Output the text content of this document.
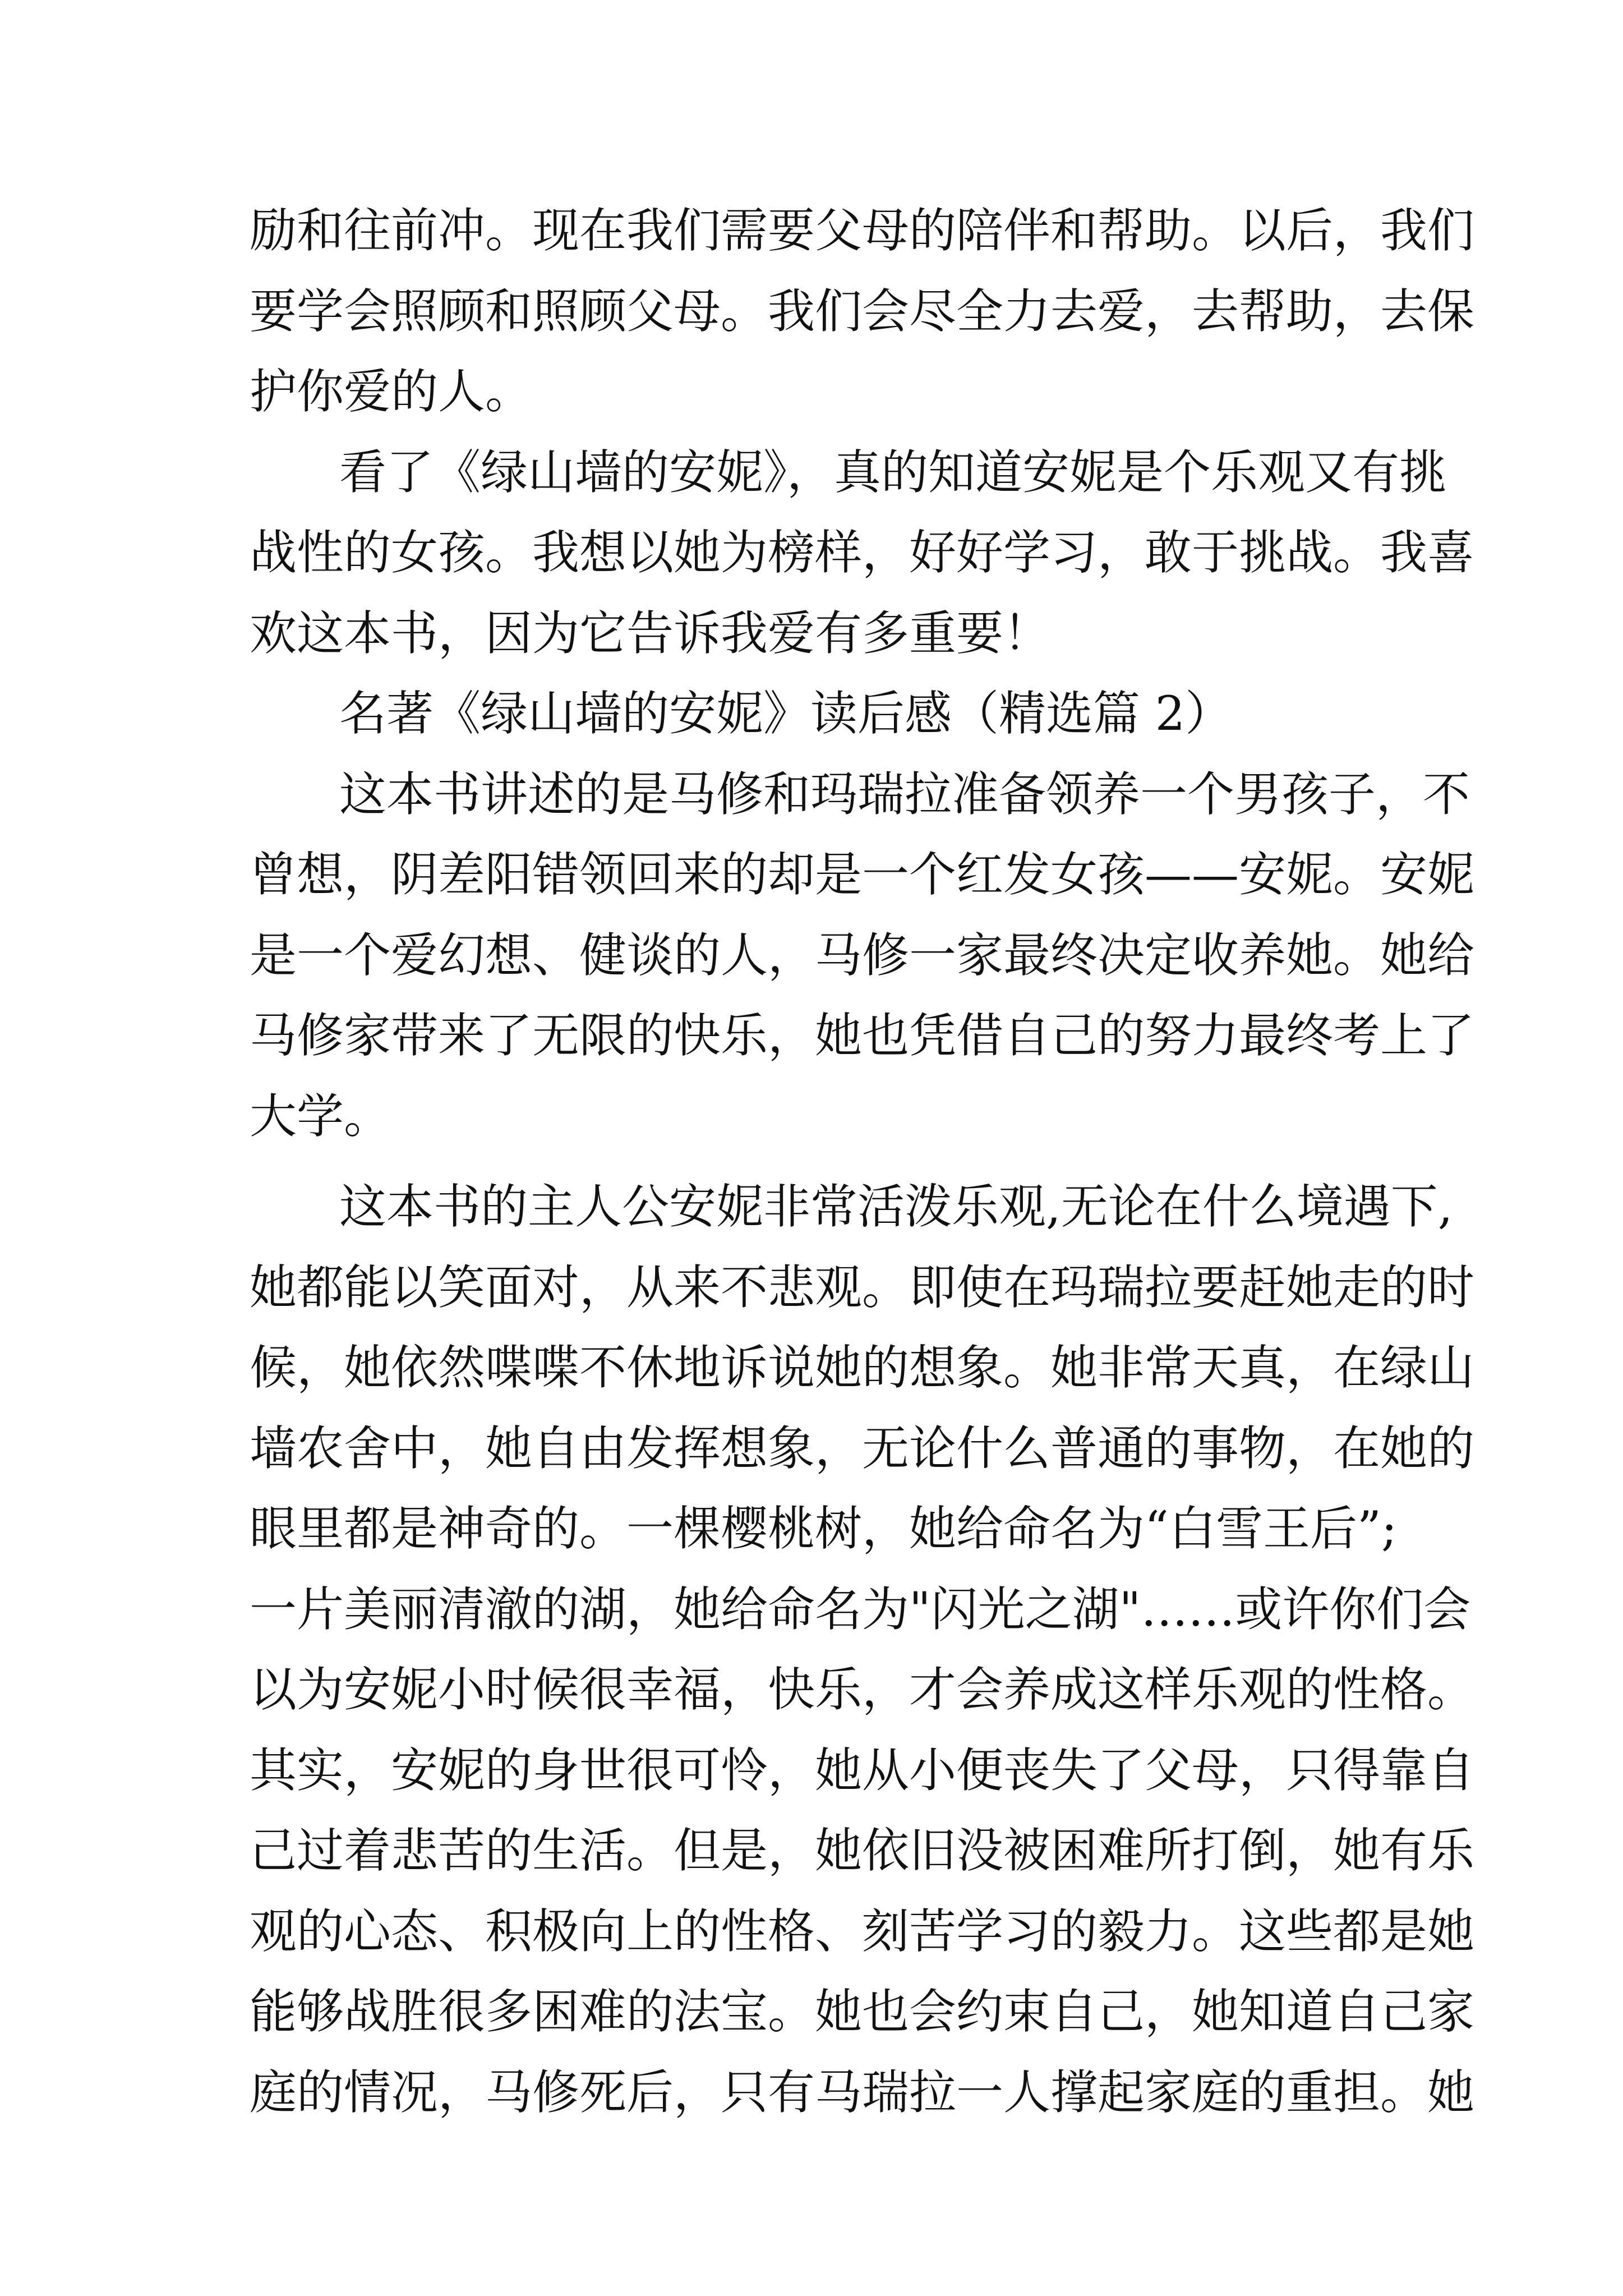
励和往前冲。现在我们需要父母的陪伴和帮助。以后，我们
要学会照顾和照顾父母。我们会尽全力去爱，去帮助，去保
护你爱的人。
看了《绿山墙的安妮》，真的知道安妮是个乐观又有挑
战性的女孩。我想以她为榜样，好好学习，敢于挑战。我喜
欢这本书，因为它告诉我爱有多重要！
名著《绿山墙的安妮》读后感（精选篇 2）
这本书讲述的是马修和玛瑞拉准备领养一个男孩子，不
曾想，阴差阳错领回来的却是一个红发女孩——安妮。安妮
是一个爱幻想、健谈的人，马修一家最终决定收养她。她给
马修家带来了无限的快乐，她也凭借自己的努力最终考上了
大学。
这本书的主人公安妮非常活泼乐观,无论在什么境遇下,
她都能以笑面对，从来不悲观。即使在玛瑞拉要赶她走的时
候，她依然喋喋不休地诉说她的想象。她非常天真，在绿山
墙农舍中，她自由发挥想象，无论什么普通的事物，在她的
眼里都是神奇的。一棵樱桃树，她给命名为“白雪王后”;
一片美丽清澈的湖，她给命名为"闪光之湖"……或许你们会
以为安妮小时候很幸福，快乐，才会养成这样乐观的性格。
其实，安妮的身世很可怜，她从小便丧失了父母，只得靠自
己过着悲苦的生活。但是，她依旧没被困难所打倒，她有乐
观的心态、积极向上的性格、刻苦学习的毅力。这些都是她
能够战胜很多困难的法宝。她也会约束自己，她知道自己家
庭的情况，马修死后，只有马瑞拉一人撑起家庭的重担。她
